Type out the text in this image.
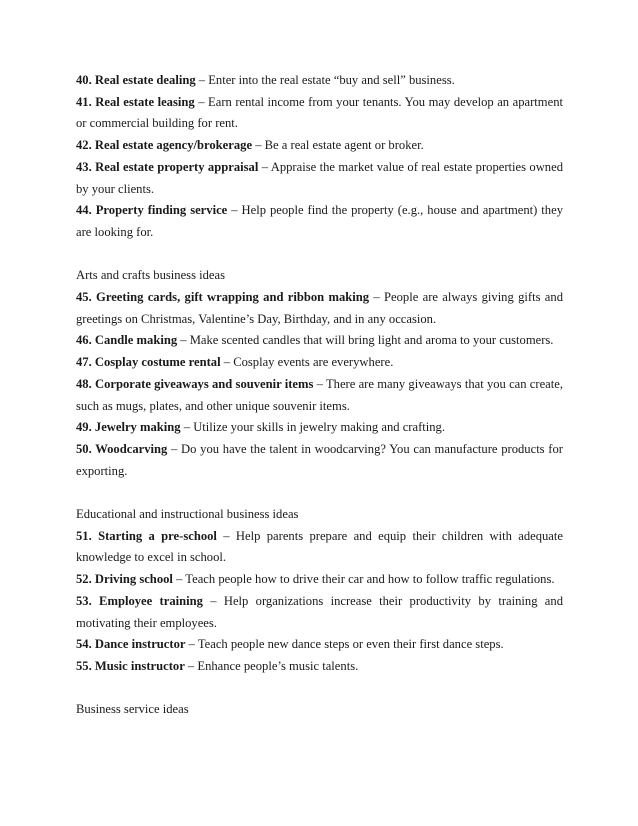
40. Real estate dealing – Enter into the real estate “buy and sell” business.

41. Real estate leasing – Earn rental income from your tenants. You may develop an apartment or commercial building for rent.

42. Real estate agency/brokerage – Be a real estate agent or broker.

43. Real estate property appraisal – Appraise the market value of real estate properties owned by your clients.

44. Property finding service – Help people find the property (e.g., house and apartment) they are looking for.

Arts and crafts business ideas

45. Greeting cards, gift wrapping and ribbon making – People are always giving gifts and greetings on Christmas, Valentine’s Day, Birthday, and in any occasion.

46. Candle making – Make scented candles that will bring light and aroma to your customers.

47. Cosplay costume rental – Cosplay events are everywhere.

48. Corporate giveaways and souvenir items – There are many giveaways that you can create, such as mugs, plates, and other unique souvenir items.

49. Jewelry making – Utilize your skills in jewelry making and crafting.

50. Woodcarving – Do you have the talent in woodcarving? You can manufacture products for exporting.

Educational and instructional business ideas

51. Starting a pre-school – Help parents prepare and equip their children with adequate knowledge to excel in school.

52. Driving school – Teach people how to drive their car and how to follow traffic regulations.

53. Employee training – Help organizations increase their productivity by training and motivating their employees.

54. Dance instructor – Teach people new dance steps or even their first dance steps.

55. Music instructor – Enhance people’s music talents.

Business service ideas
